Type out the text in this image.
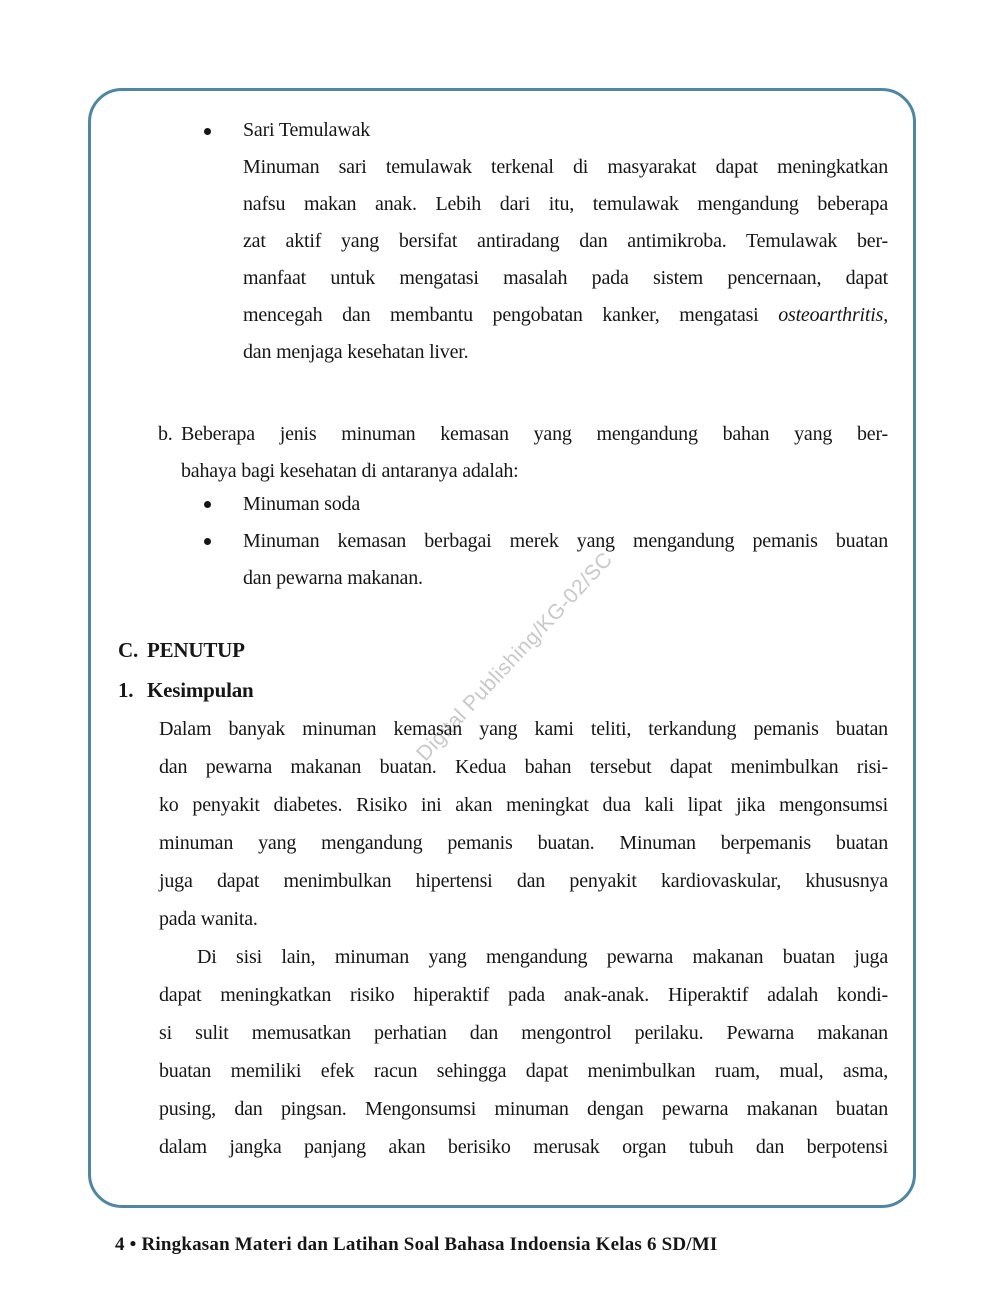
Digital Publishing/KG-02/SC
Sari Temulawak
Minuman sari temulawak terkenal di masyarakat dapat meningkatkan
nafsu makan anak. Lebih dari itu, temulawak mengandung beberapa
zat aktif yang bersifat antiradang dan antimikroba. Temulawak ber-
manfaat untuk mengatasi masalah pada sistem pencernaan, dapat
mencegah dan membantu pengobatan kanker, mengatasi osteoarthritis,
dan menjaga kesehatan liver.
b. Beberapa jenis minuman kemasan yang mengandung bahan yang ber-
bahaya bagi kesehatan di antaranya adalah:
Minuman soda
Minuman kemasan berbagai merek yang mengandung pemanis buatan
dan pewarna makanan.
C. PENUTUP
1. Kesimpulan
Dalam banyak minuman kemasan yang kami teliti, terkandung pemanis buatan
dan pewarna makanan buatan. Kedua bahan tersebut dapat menimbulkan risi-
ko penyakit diabetes. Risiko ini akan meningkat dua kali lipat jika mengonsumsi
minuman yang mengandung pemanis buatan. Minuman berpemanis buatan
juga dapat menimbulkan hipertensi dan penyakit kardiovaskular, khususnya
pada wanita.
Di sisi lain, minuman yang mengandung pewarna makanan buatan juga
dapat meningkatkan risiko hiperaktif pada anak-anak. Hiperaktif adalah kondi-
si sulit memusatkan perhatian dan mengontrol perilaku. Pewarna makanan
buatan memiliki efek racun sehingga dapat menimbulkan ruam, mual, asma,
pusing, dan pingsan. Mengonsumsi minuman dengan pewarna makanan buatan
dalam jangka panjang akan berisiko merusak organ tubuh dan berpotensi
4 • Ringkasan Materi dan Latihan Soal Bahasa Indoensia Kelas 6 SD/MI
